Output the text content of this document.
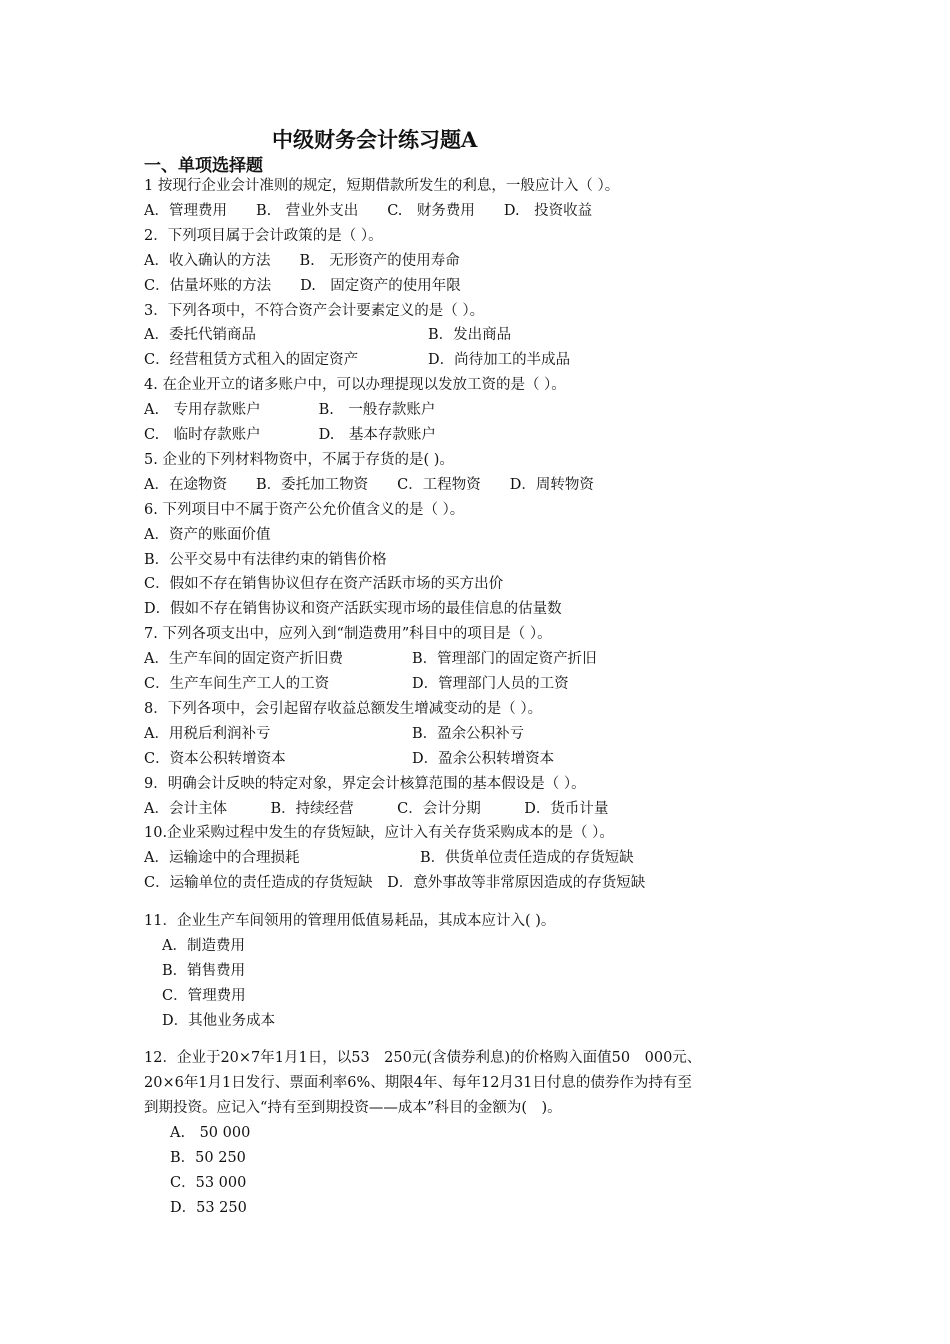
中级财务会计练习题A
一、单项选择题
1 按现行企业会计准则的规定，短期借款所发生的利息，一般应计入（ ）。
A．管理费用　　B.　营业外支出　　C.　财务费用　　D.　投资收益
2．下列项目属于会计政策的是（ ）。
A．收入确认的方法　　B.　无形资产的使用寿命
C．估量坏账的方法　　D.　固定资产的使用年限
3．下列各项中，不符合资产会计要素定义的是（ ）。
A．委托代销商品
C．经营租赁方式租入的固定资产
4. 在企业开立的诸多账户中，可以办理提现以发放工资的是（ ）。
A.　专用存款账户　　　　B.　一般存款账户
C.　临时存款账户　　　　D.　基本存款账户
5. 企业的下列材料物资中，不属于存货的是( )。
A．在途物资　　B．委托加工物资　　C．工程物资　　D．周转物资
6. 下列项目中不属于资产公允价值含义的是（ ）。
A．资产的账面价值
B．公平交易中有法律约束的销售价格
C．假如不存在销售协议但存在资产活跃市场的买方出价
D．假如不存在销售协议和资产活跃实现市场的最佳信息的估量数
7. 下列各项支出中，应列入到“制造费用”科目中的项目是（ ）。
A．生产车间的固定资产折旧费
C．生产车间生产工人的工资
8．下列各项中，会引起留存收益总额发生增减变动的是（ ）。
A．用税后利润补亏
C．资本公积转增资本
9．明确会计反映的特定对象，界定会计核算范围的基本假设是（ ）。
A．会计主体　　　B．持续经营　　　C．会计分期　　　D．货币计量
10.企业采购过程中发生的存货短缺，应计入有关存货采购成本的是（ ）。
A．运输途中的合理损耗
C．运输单位的责任造成的存货短缺　D．意外事故等非常原因造成的存货短缺
B．发出商品
D．尚待加工的半成品
B．管理部门的固定资产折旧
D．管理部门人员的工资
B．盈余公积补亏
D．盈余公积转增资本
B．供货单位责任造成的存货短缺
11．企业生产车间领用的管理用低值易耗品，其成本应计入( )。
A．制造费用
B．销售费用
C．管理费用
D．其他业务成本
12．企业于20×7年1月1日，以53　250元(含债券利息)的价格购入面值50　000元、
20×6年1月1日发行、票面利率6%、期限4年、每年12月31日付息的债券作为持有至
到期投资。应记入“持有至到期投资——成本”科目的金额为(　)。
A.　50 000
B．50 250
C．53 000
D．53 250
